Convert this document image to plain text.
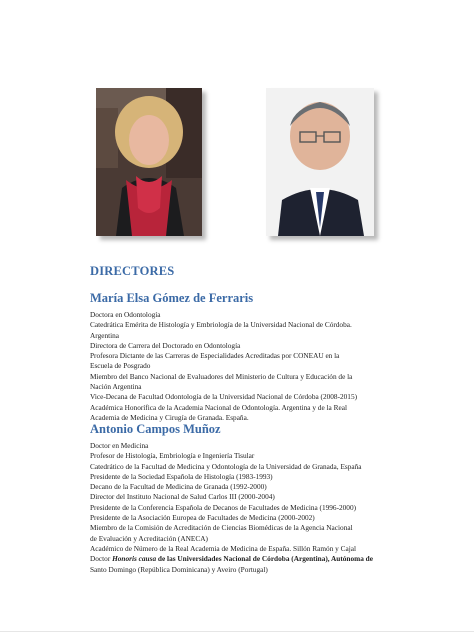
DIRECTORES
María Elsa Gómez de Ferraris
Doctora en Odontología
Catedrática Emérita de Histología y Embriología de la Universidad Nacional de Córdoba.
Argentina
Directora de Carrera del Doctorado en Odontología
Profesora Dictante de las Carreras de Especialidades Acreditadas por CONEAU en la
Escuela de Posgrado
Miembro del Banco Nacional de Evaluadores del Ministerio de Cultura y Educación de la
Nación Argentina
Vice-Decana de Facultad Odontología de la Universidad Nacional de Córdoba (2008-2015)
Académica Honorífica de la Academia Nacional de Odontología. Argentina y de la Real
Academia de Medicina y Cirugía de Granada. España.
Antonio Campos Muñoz
Doctor en Medicina
Profesor de Histología, Embriología e Ingeniería Tisular
Catedrático de la Facultad de Medicina y Odontología de la Universidad de Granada, España
Presidente de la Sociedad Española de Histología (1983-1993)
Decano de la Facultad de Medicina de Granada (1992-2000)
Director del Instituto Nacional de Salud Carlos III (2000-2004)
Presidente de la Conferencia Española de Decanos de Facultades de Medicina (1996-2000)
Presidente de la Asociación Europea de Facultades de Medicina (2000-2002)
Miembro de la Comisión de Acreditación de Ciencias Biomédicas de la Agencia Nacional
de Evaluación y Acreditación (ANECA)
Académico de Número de la Real Academia de Medicina de España. Sillón Ramón y Cajal
Doctor Honoris causa de las Universidades Nacional de Córdoba (Argentina), Autónoma de
Santo Domingo (República Dominicana) y Aveiro (Portugal)
